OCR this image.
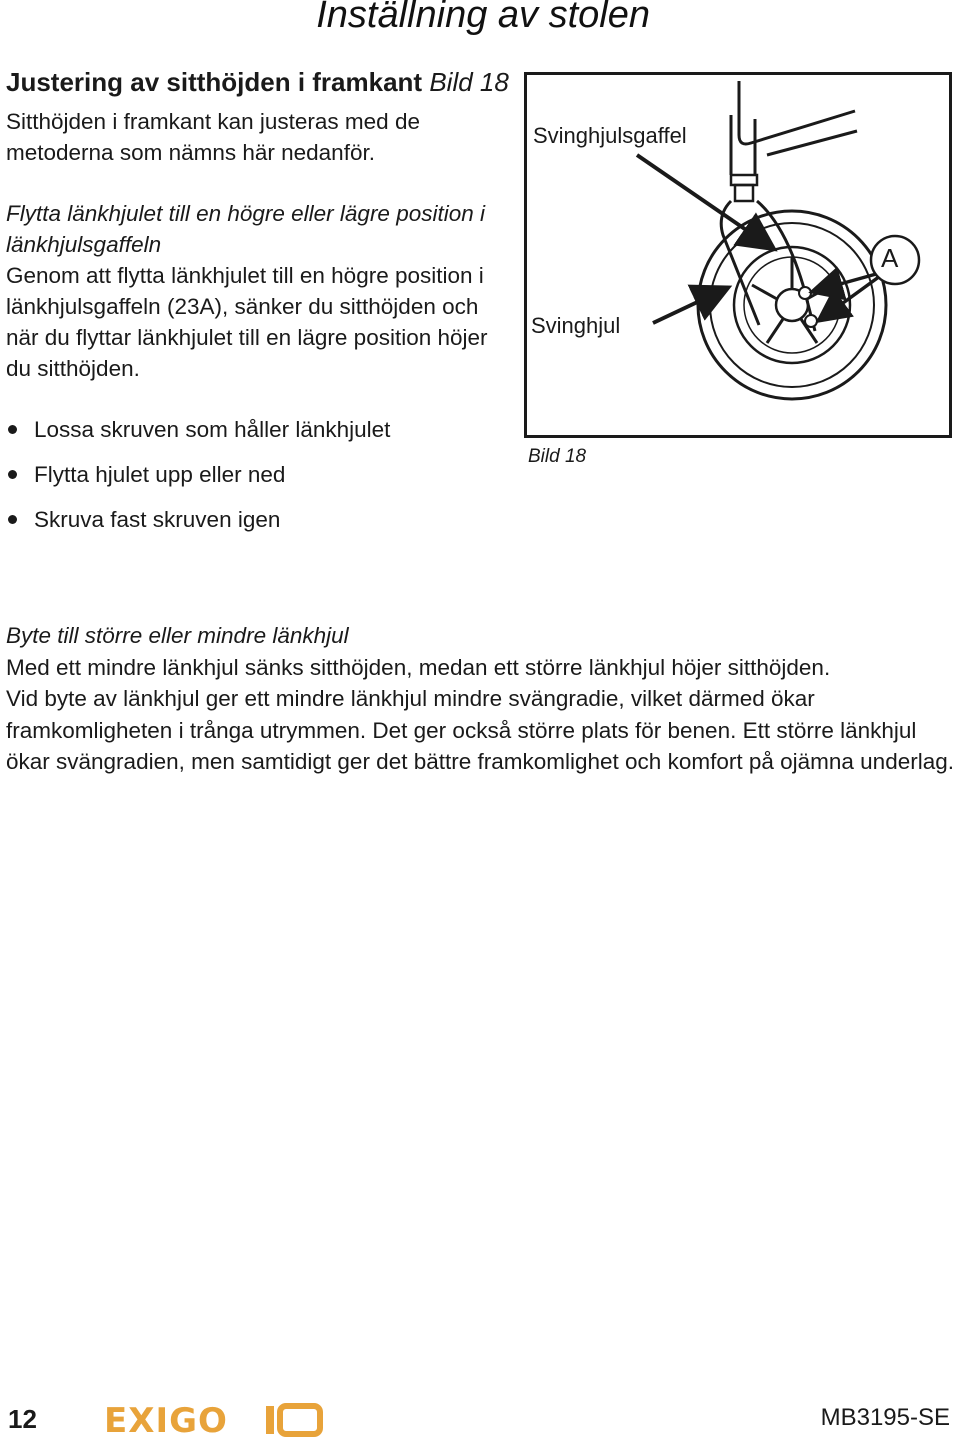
Inställning av stolen
Justering av sitthöjden i framkant Bild 18
Sitthöjden i framkant kan justeras med de metoderna som nämns här nedanför.
Flytta länkhjulet till en högre eller lägre position i länkhjulsgaffeln
Genom att flytta länkhjulet till en högre position i länkhjulsgaffeln (23A), sänker du sitthöjden och när du flyttar länkhjulet till en lägre position höjer du sitthöjden.
Lossa skruven som håller länkhjulet
Flytta hjulet upp eller ned
Skruva fast skruven igen
Svinghjulsgaffel
Svinghjul
A
Bild 18
Byte till större eller mindre länkhjul
Med ett mindre länkhjul sänks sitthöjden, medan ett större länkhjul höjer sitthöjden.
Vid byte av länkhjul ger ett mindre länkhjul mindre svängradie, vilket därmed ökar framkomligheten i trånga utrymmen. Det ger också större plats för benen. Ett större länkhjul ökar svängradien, men samtidigt ger det bättre framkomlighet och komfort på ojämna underlag.
12 EXIGO	MB3195-SE
